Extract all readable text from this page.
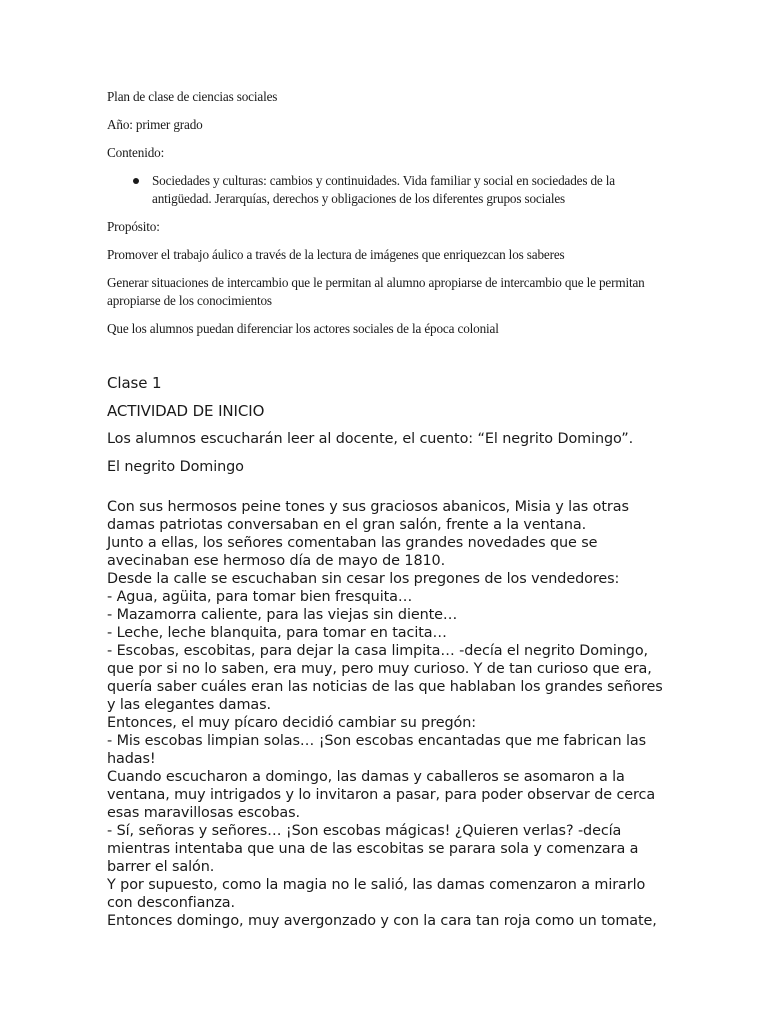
Plan de clase de ciencias sociales

Año: primer grado

Contenido:

Sociedades y culturas: cambios y continuidades. Vida familiar y social en sociedades de la antigüedad. Jerarquías, derechos y obligaciones de los diferentes grupos sociales

Propósito:

Promover el trabajo áulico a través de la lectura de imágenes que enriquezcan los saberes

Generar situaciones de intercambio que le permitan al alumno apropiarse de intercambio que le permitan apropiarse de los conocimientos

Que los alumnos puedan diferenciar los actores sociales de la época colonial

Clase 1
ACTIVIDAD DE INICIO

Los alumnos escucharán leer al docente, el cuento: “El negrito Domingo”.

El negrito Domingo

Con sus hermosos peine tones y sus graciosos abanicos, Misia y las otras damas patriotas conversaban en el gran salón, frente a la ventana.
Junto a ellas, los señores comentaban las grandes novedades que se avecinaban ese hermoso día de mayo de 1810.
Desde la calle se escuchaban sin cesar los pregones de los vendedores:
- Agua, agüita, para tomar bien fresquita…
- Mazamorra caliente, para las viejas sin diente…
- Leche, leche blanquita, para tomar en tacita…
- Escobas, escobitas, para dejar la casa limpita… -decía el negrito Domingo, que por si no lo saben, era muy, pero muy curioso. Y de tan curioso que era, quería saber cuáles eran las noticias de las que hablaban los grandes señores y las elegantes damas.
Entonces, el muy pícaro decidió cambiar su pregón:
- Mis escobas limpian solas… ¡Son escobas encantadas que me fabrican las hadas!
Cuando escucharon a domingo, las damas y caballeros se asomaron a la ventana, muy intrigados y lo invitaron a pasar, para poder observar de cerca esas maravillosas escobas.
- Sí, señoras y señores… ¡Son escobas mágicas! ¿Quieren verlas? -decía mientras intentaba que una de las escobitas se parara sola y comenzara a barrer el salón.
Y por supuesto, como la magia no le salió, las damas comenzaron a mirarlo con desconfianza.
Entonces domingo, muy avergonzado y con la cara tan roja como un tomate,
